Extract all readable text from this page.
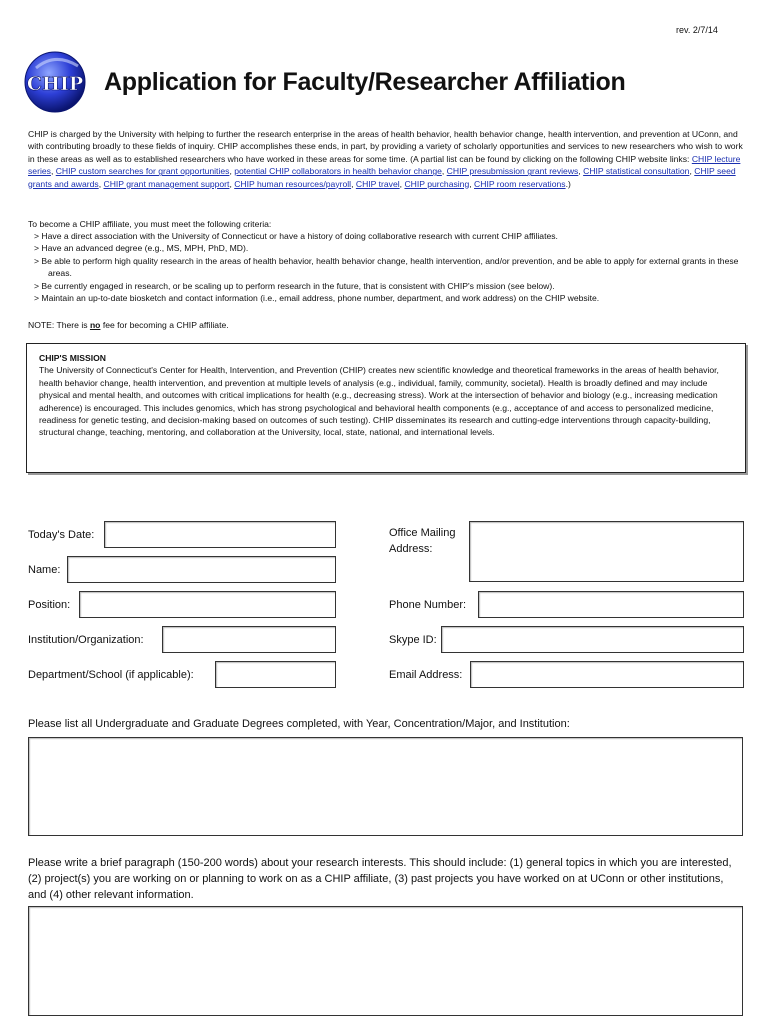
rev. 2/7/14
CHIP Application for Faculty/Researcher Affiliation
CHIP is charged by the University with helping to further the research enterprise in the areas of health behavior, health behavior change, health intervention, and prevention at UConn, and with contributing broadly to these fields of inquiry. CHIP accomplishes these ends, in part, by providing a variety of scholarly opportunities and services to new researchers who wish to work in these areas as well as to established researchers who have worked in these areas for some time. (A partial list can be found by clicking on the following CHIP website links: CHIP lecture series, CHIP custom searches for grant opportunities, potential CHIP collaborators in health behavior change, CHIP presubmission grant reviews, CHIP statistical consultation, CHIP seed grants and awards, CHIP grant management support, CHIP human resources/payroll, CHIP travel, CHIP purchasing, CHIP room reservations.)
To become a CHIP affiliate, you must meet the following criteria:
> Have a direct association with the University of Connecticut or have a history of doing collaborative research with current CHIP affiliates.
> Have an advanced degree (e.g., MS, MPH, PhD, MD).
> Be able to perform high quality research in the areas of health behavior, health behavior change, health intervention, and/or prevention, and be able to apply for external grants in these areas.
> Be currently engaged in research, or be scaling up to perform research in the future, that is consistent with CHIP's mission (see below).
> Maintain an up-to-date biosketch and contact information (i.e., email address, phone number, department, and work address) on the CHIP website.
NOTE: There is no fee for becoming a CHIP affiliate.
CHIP'S MISSION
The University of Connecticut's Center for Health, Intervention, and Prevention (CHIP) creates new scientific knowledge and theoretical frameworks in the areas of health behavior, health behavior change, health intervention, and prevention at multiple levels of analysis (e.g., individual, family, community, societal). Health is broadly defined and may include physical and mental health, and outcomes with critical implications for health (e.g., decreasing stress). Work at the intersection of behavior and biology (e.g., increasing medication adherence) is encouraged. This includes genomics, which has strong psychological and behavioral health components (e.g., acceptance of and access to personalized medicine, readiness for genetic testing, and decision-making based on outcomes of such testing). CHIP disseminates its research and cutting-edge interventions through capacity-building, structural change, teaching, mentoring, and collaboration at the University, local, state, national, and international levels.
Today's Date:
Name:
Position:
Institution/Organization:
Department/School (if applicable):
Office Mailing
Address:
Phone Number:
Skype ID:
Email Address:
Please list all Undergraduate and Graduate Degrees completed, with Year, Concentration/Major, and Institution:
Please write a brief paragraph (150-200 words) about your research interests. This should include: (1) general topics in which you are interested, (2) project(s) you are working on or planning to work on as a CHIP affiliate, (3) past projects you have worked on at UConn or other institutions, and (4) other relevant information.
